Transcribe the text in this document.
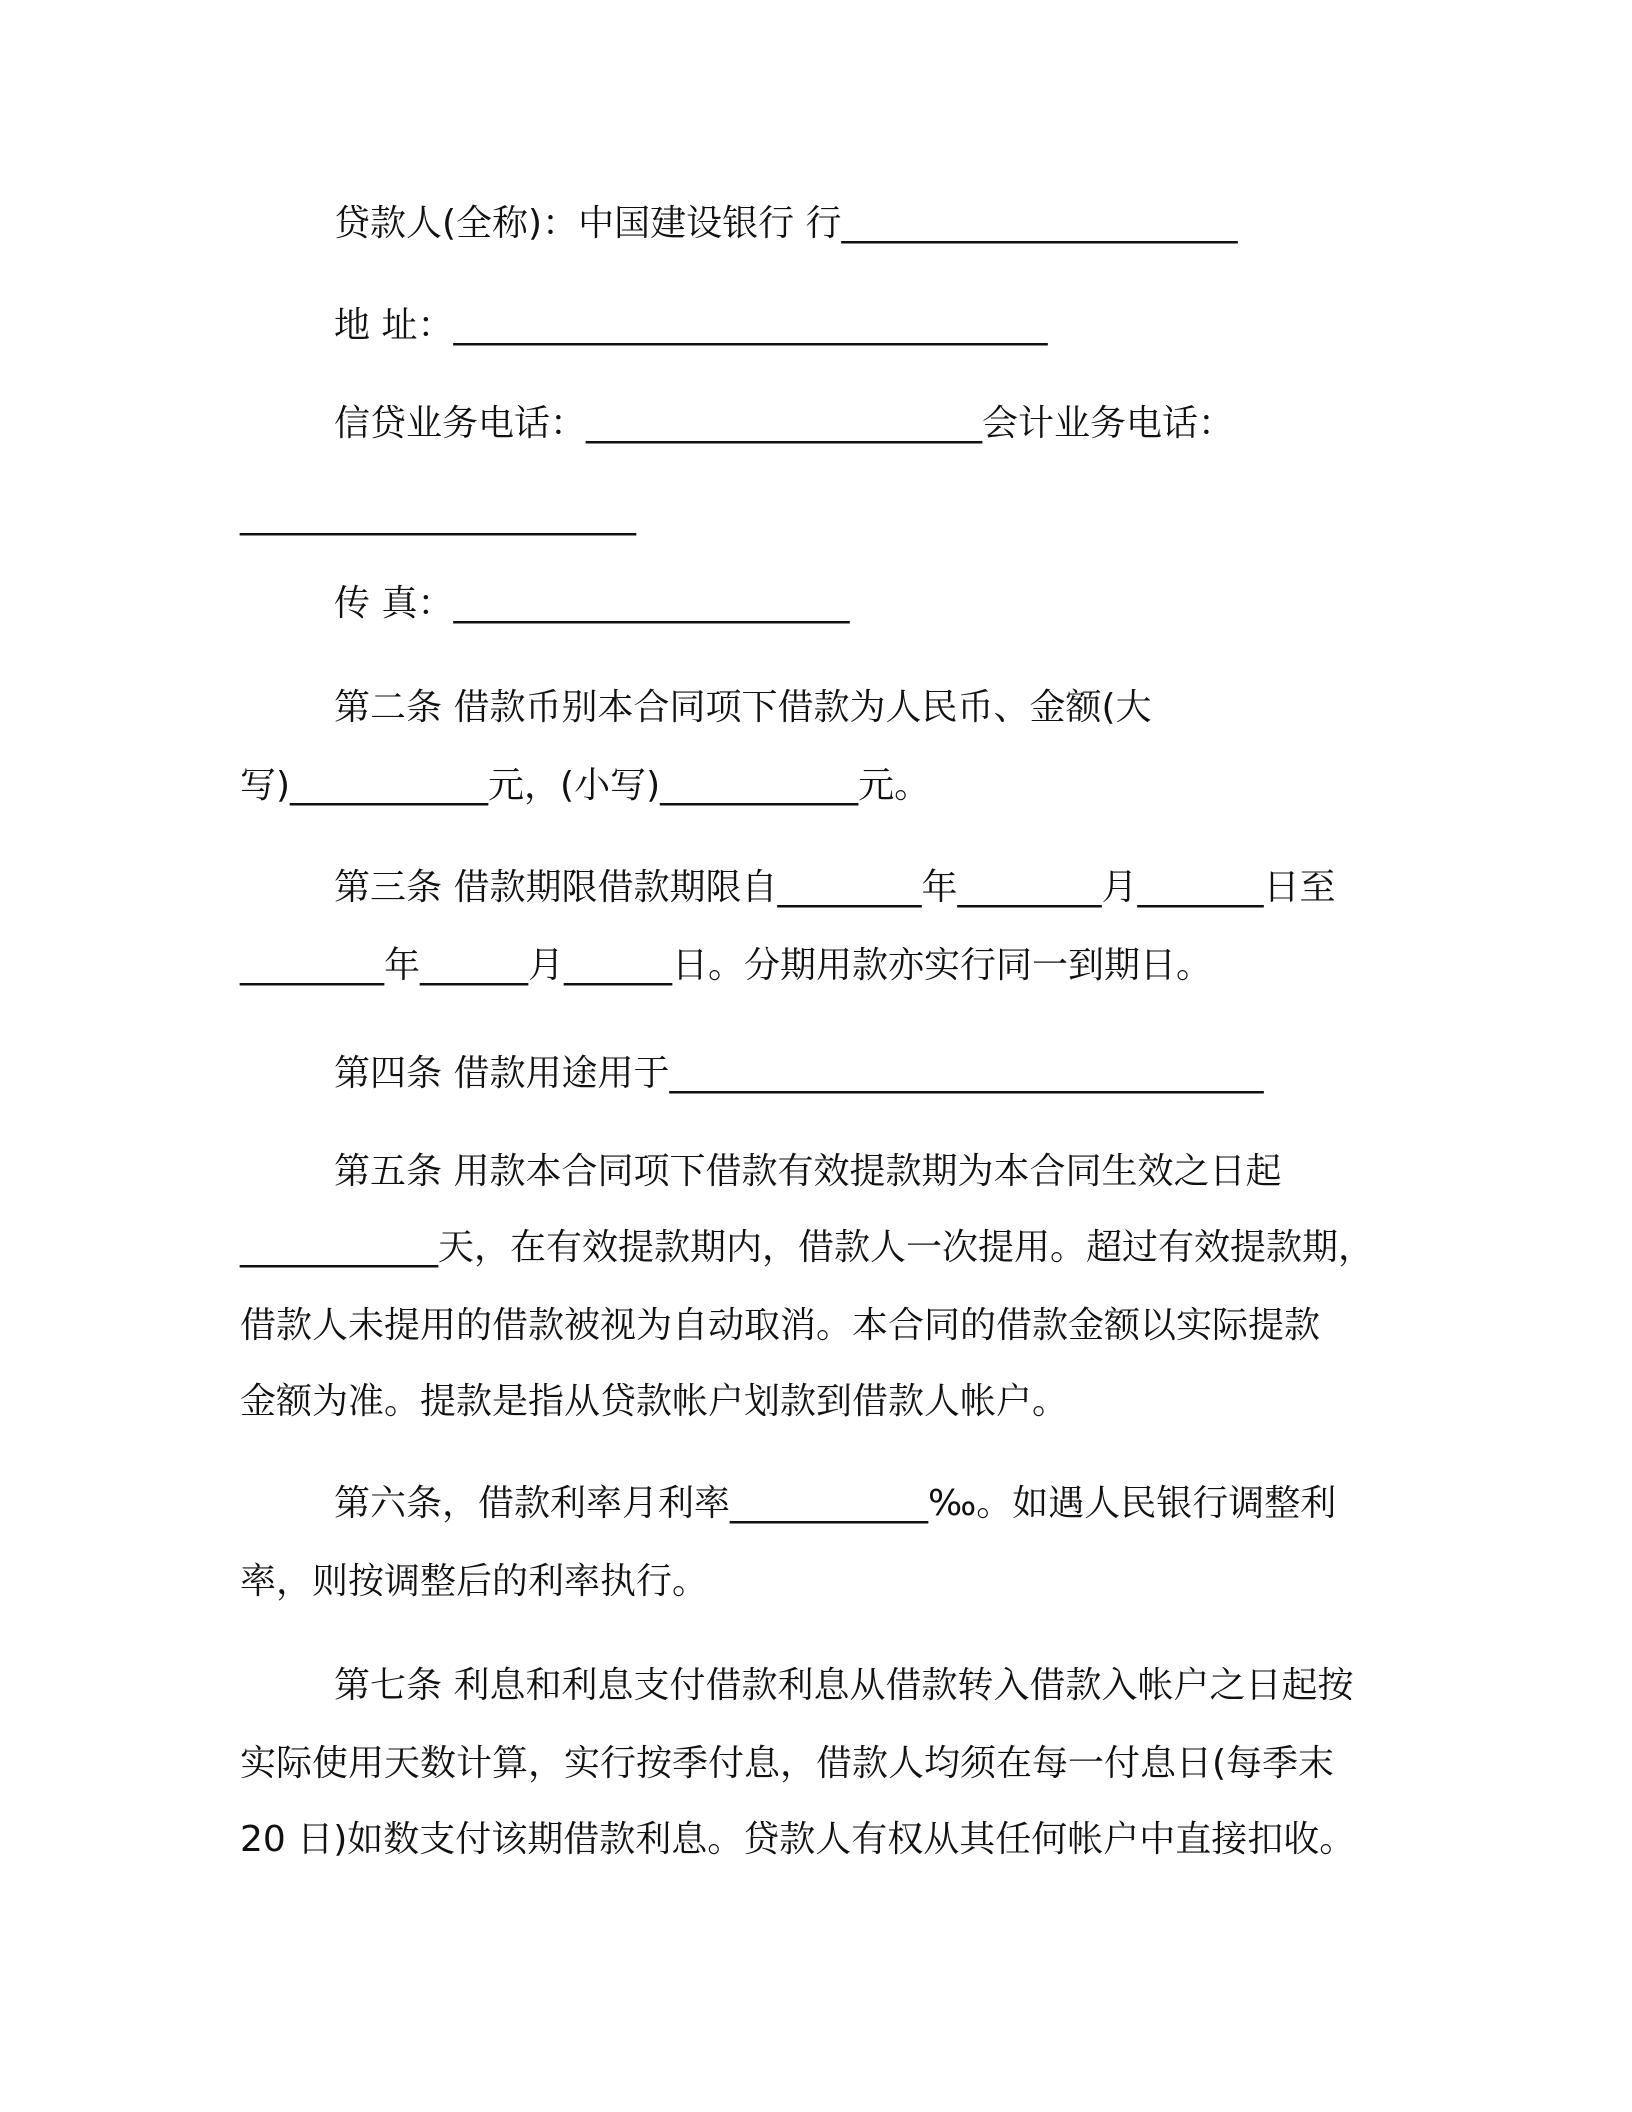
贷款人(全称)：中国建设银行 行______________________
地 址：_________________________________
信贷业务电话：______________________会计业务电话：
______________________
传 真：______________________
第二条 借款币别本合同项下借款为人民币、金额(大
写)___________元，(小写)___________元。
第三条 借款期限借款期限自________年________月_______日至
________年______月______日。分期用款亦实行同一到期日。
第四条 借款用途用于_________________________________
第五条 用款本合同项下借款有效提款期为本合同生效之日起
___________天，在有效提款期内，借款人一次提用。超过有效提款期，
借款人未提用的借款被视为自动取消。本合同的借款金额以实际提款
金额为准。提款是指从贷款帐户划款到借款人帐户。
第六条，借款利率月利率___________‰。如遇人民银行调整利
率，则按调整后的利率执行。
第七条 利息和利息支付借款利息从借款转入借款入帐户之日起按
实际使用天数计算，实行按季付息，借款人均须在每一付息日(每季末
20 日)如数支付该期借款利息。贷款人有权从其任何帐户中直接扣收。
